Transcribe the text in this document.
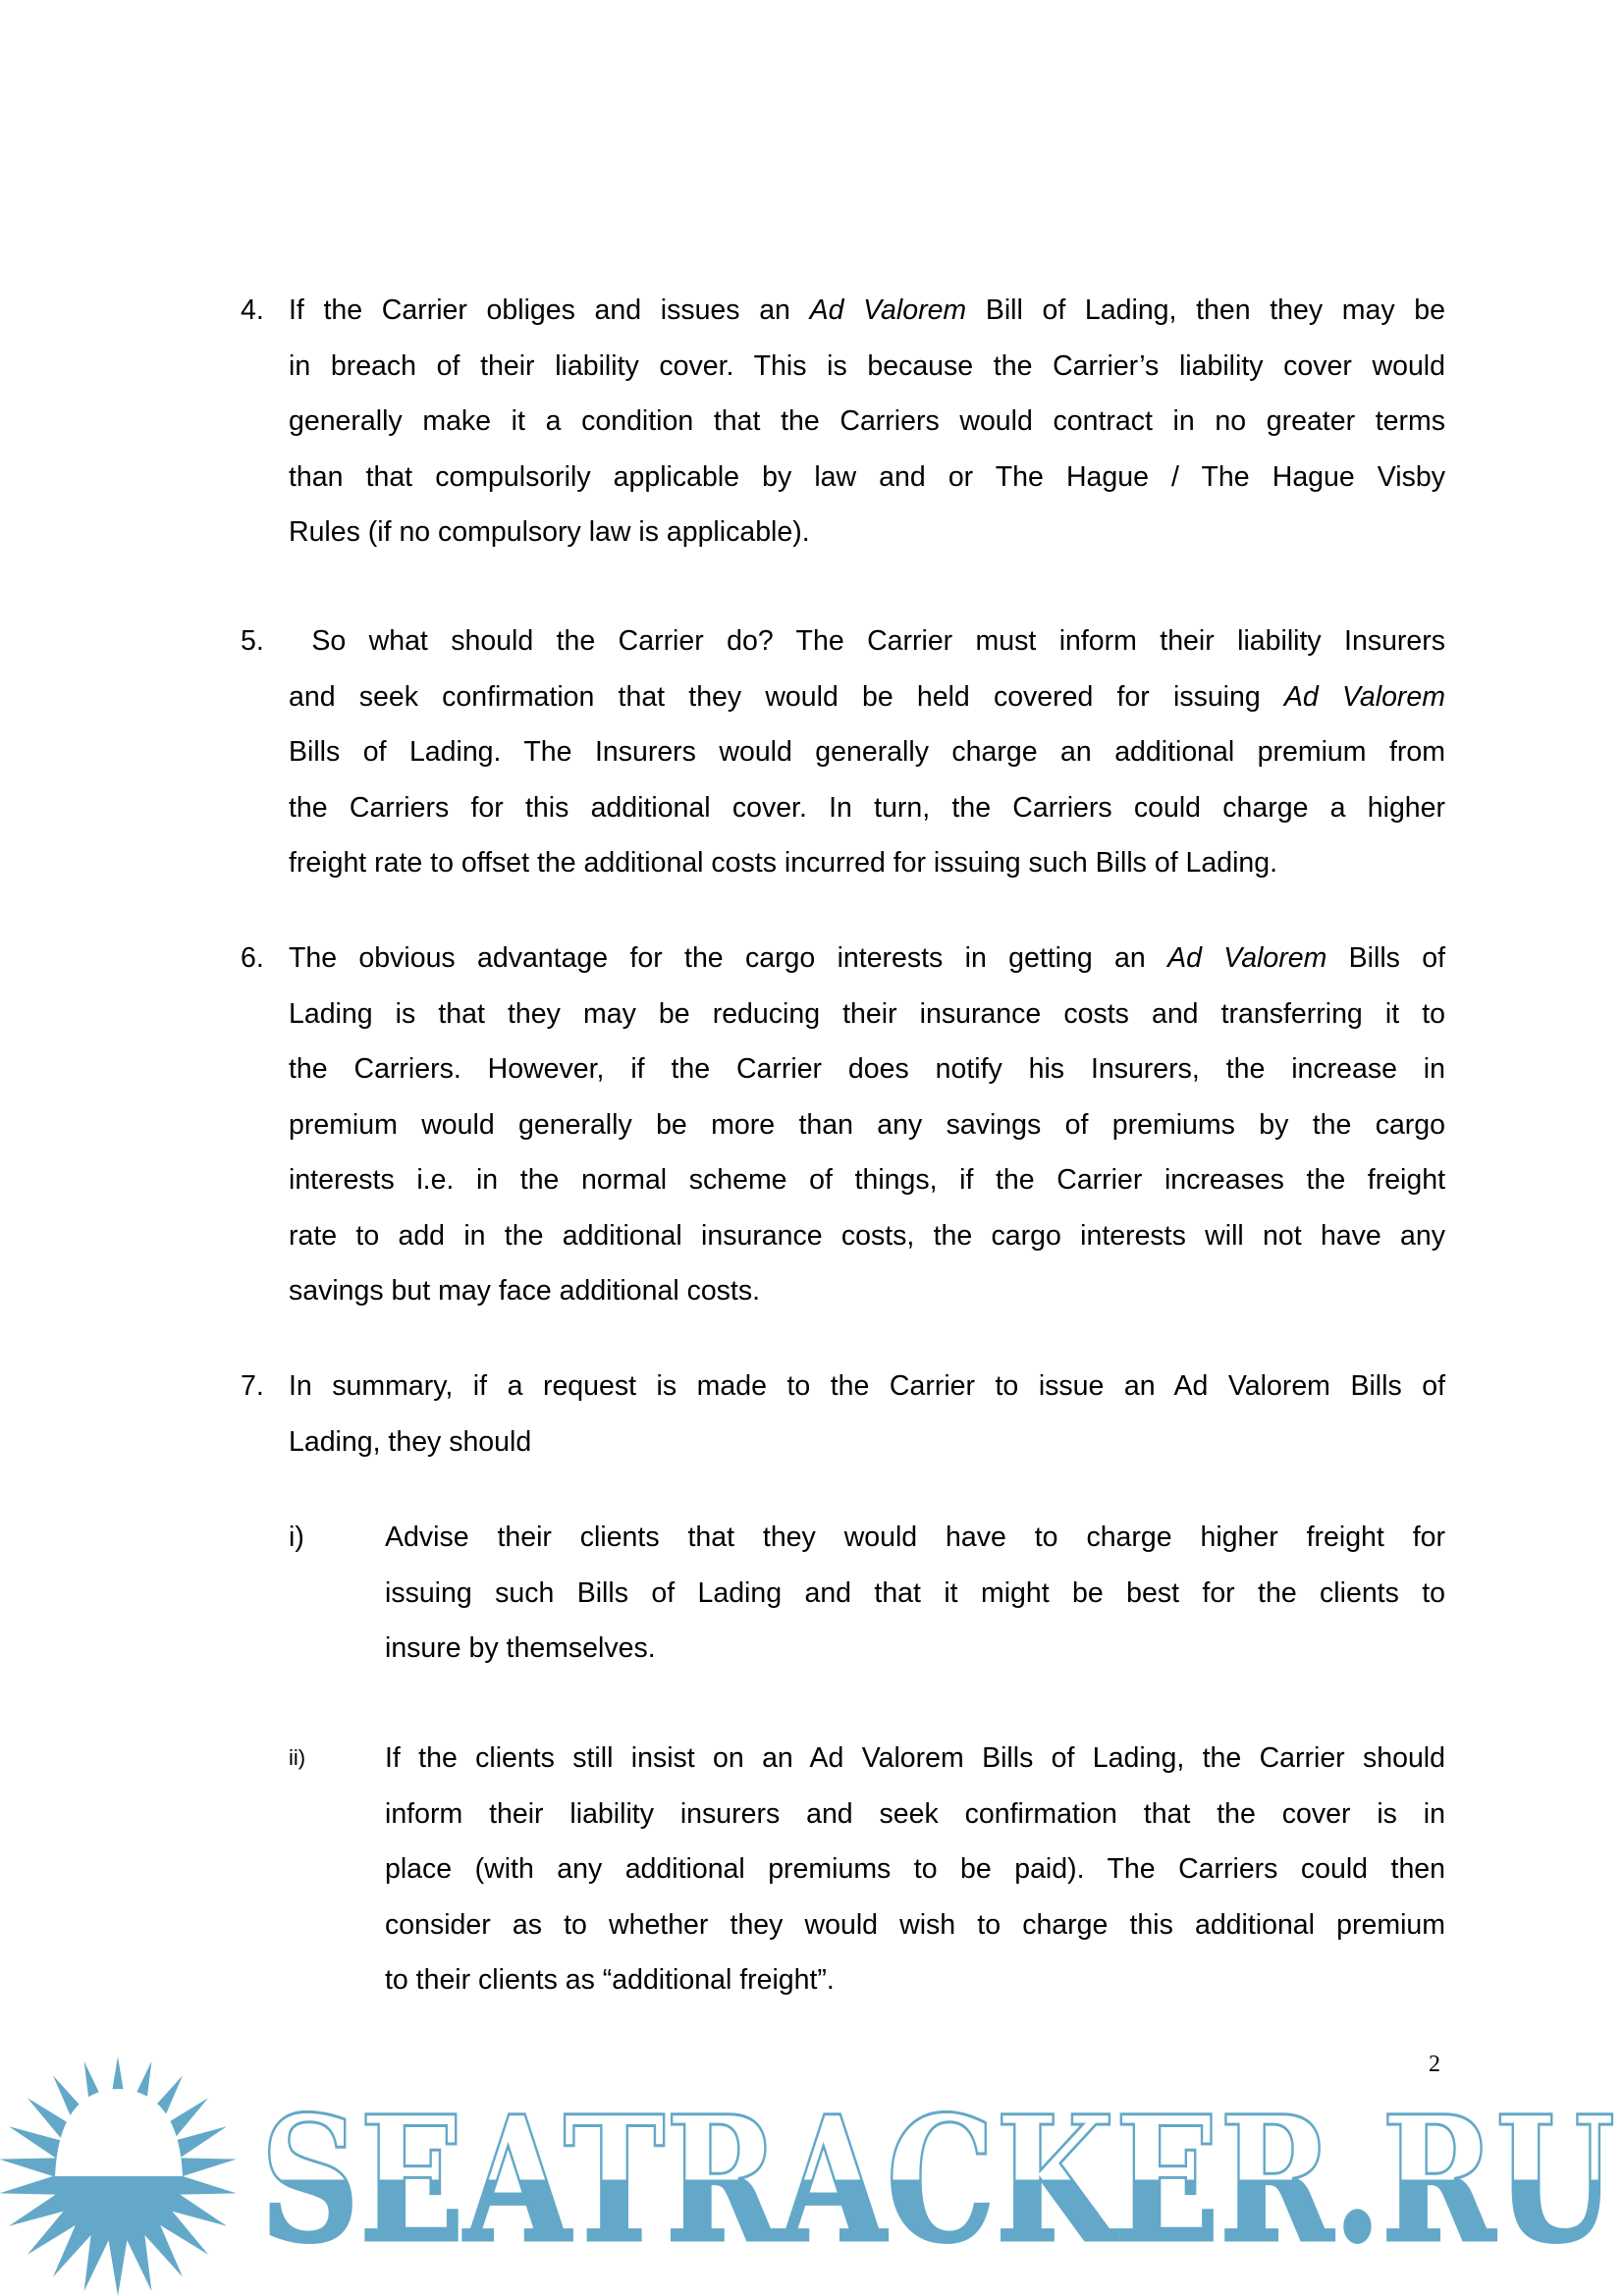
4. If the Carrier obliges and issues an Ad Valorem Bill of Lading, then they may be
in breach of their liability cover. This is because the Carrier’s liability cover would
generally make it a condition that the Carriers would contract in no greater terms
than that compulsorily applicable by law and or The Hague / The Hague Visby
Rules (if no compulsory law is applicable).
5. So what should the Carrier do? The Carrier must inform their liability Insurers
and seek confirmation that they would be held covered for issuing Ad Valorem
Bills of Lading. The Insurers would generally charge an additional premium from
the Carriers for this additional cover. In turn, the Carriers could charge a higher
freight rate to offset the additional costs incurred for issuing such Bills of Lading.
6. The obvious advantage for the cargo interests in getting an Ad Valorem Bills of
Lading is that they may be reducing their insurance costs and transferring it to
the Carriers. However, if the Carrier does notify his Insurers, the increase in
premium would generally be more than any savings of premiums by the cargo
interests i.e. in the normal scheme of things, if the Carrier increases the freight
rate to add in the additional insurance costs, the cargo interests will not have any
savings but may face additional costs.
7. In summary, if a request is made to the Carrier to issue an Ad Valorem Bills of
Lading, they should
i)	Advise their clients that they would have to charge higher freight for
issuing such Bills of Lading and that it might be best for the clients to
insure by themselves.
ii)	If the clients still insist on an Ad Valorem Bills of Lading, the Carrier should
inform their liability insurers and seek confirmation that the cover is in
place (with any additional premiums to be paid). The Carriers could then
consider as to whether they would wish to charge this additional premium
to their clients as “additional freight”.
2
SEATRACKER.RU
